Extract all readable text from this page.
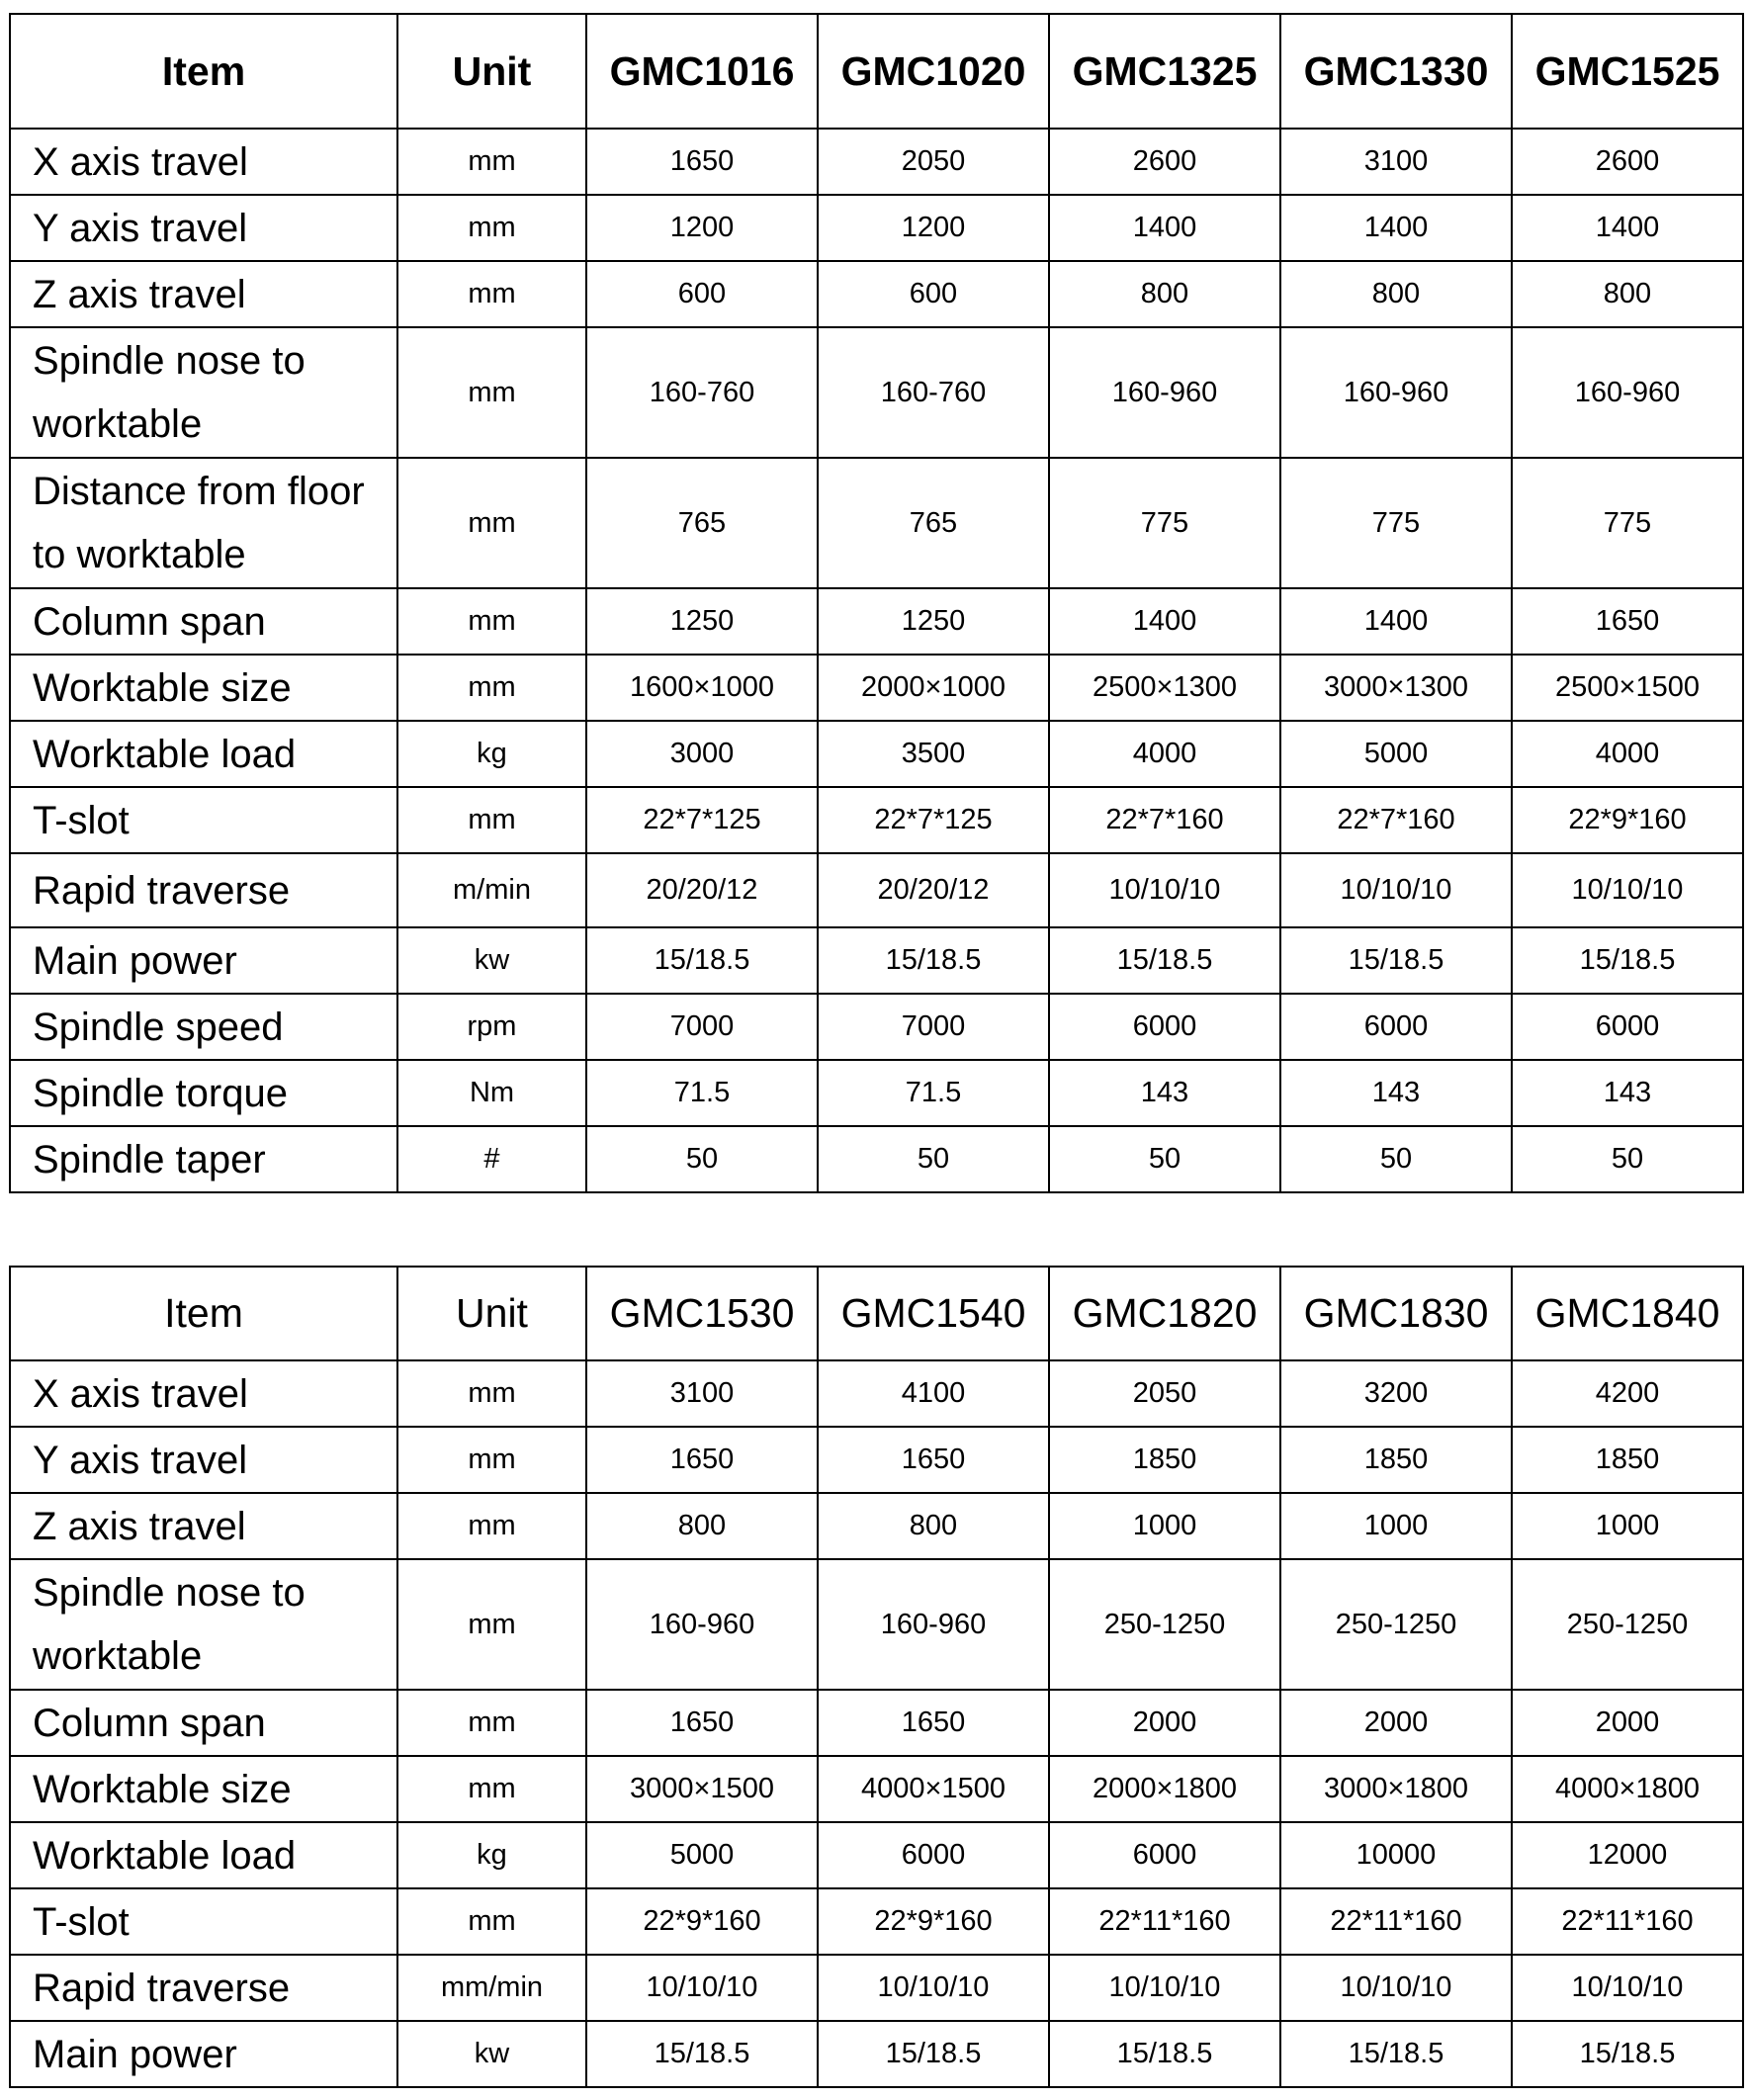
Item	Unit	GMC1016	GMC1020	GMC1325	GMC1330	GMC1525
X axis travel	mm	1650	2050	2600	3100	2600
Y axis travel	mm	1200	1200	1400	1400	1400
Z axis travel	mm	600	600	800	800	800
Spindle nose to worktable	mm	160-760	160-760	160-960	160-960	160-960
Distance from floor to worktable	mm	765	765	775	775	775
Column span	mm	1250	1250	1400	1400	1650
Worktable size	mm	1600×1000	2000×1000	2500×1300	3000×1300	2500×1500
Worktable load	kg	3000	3500	4000	5000	4000
T-slot	mm	22*7*125	22*7*125	22*7*160	22*7*160	22*9*160
Rapid traverse	m/min	20/20/12	20/20/12	10/10/10	10/10/10	10/10/10
Main power	kw	15/18.5	15/18.5	15/18.5	15/18.5	15/18.5
Spindle speed	rpm	7000	7000	6000	6000	6000
Spindle torque	Nm	71.5	71.5	143	143	143
Spindle taper	#	50	50	50	50	50
Item	Unit	GMC1530	GMC1540	GMC1820	GMC1830	GMC1840
X axis travel	mm	3100	4100	2050	3200	4200
Y axis travel	mm	1650	1650	1850	1850	1850
Z axis travel	mm	800	800	1000	1000	1000
Spindle nose to worktable	mm	160-960	160-960	250-1250	250-1250	250-1250
Column span	mm	1650	1650	2000	2000	2000
Worktable size	mm	3000×1500	4000×1500	2000×1800	3000×1800	4000×1800
Worktable load	kg	5000	6000	6000	10000	12000
T-slot	mm	22*9*160	22*9*160	22*11*160	22*11*160	22*11*160
Rapid traverse	mm/min	10/10/10	10/10/10	10/10/10	10/10/10	10/10/10
Main power	kw	15/18.5	15/18.5	15/18.5	15/18.5	15/18.5
